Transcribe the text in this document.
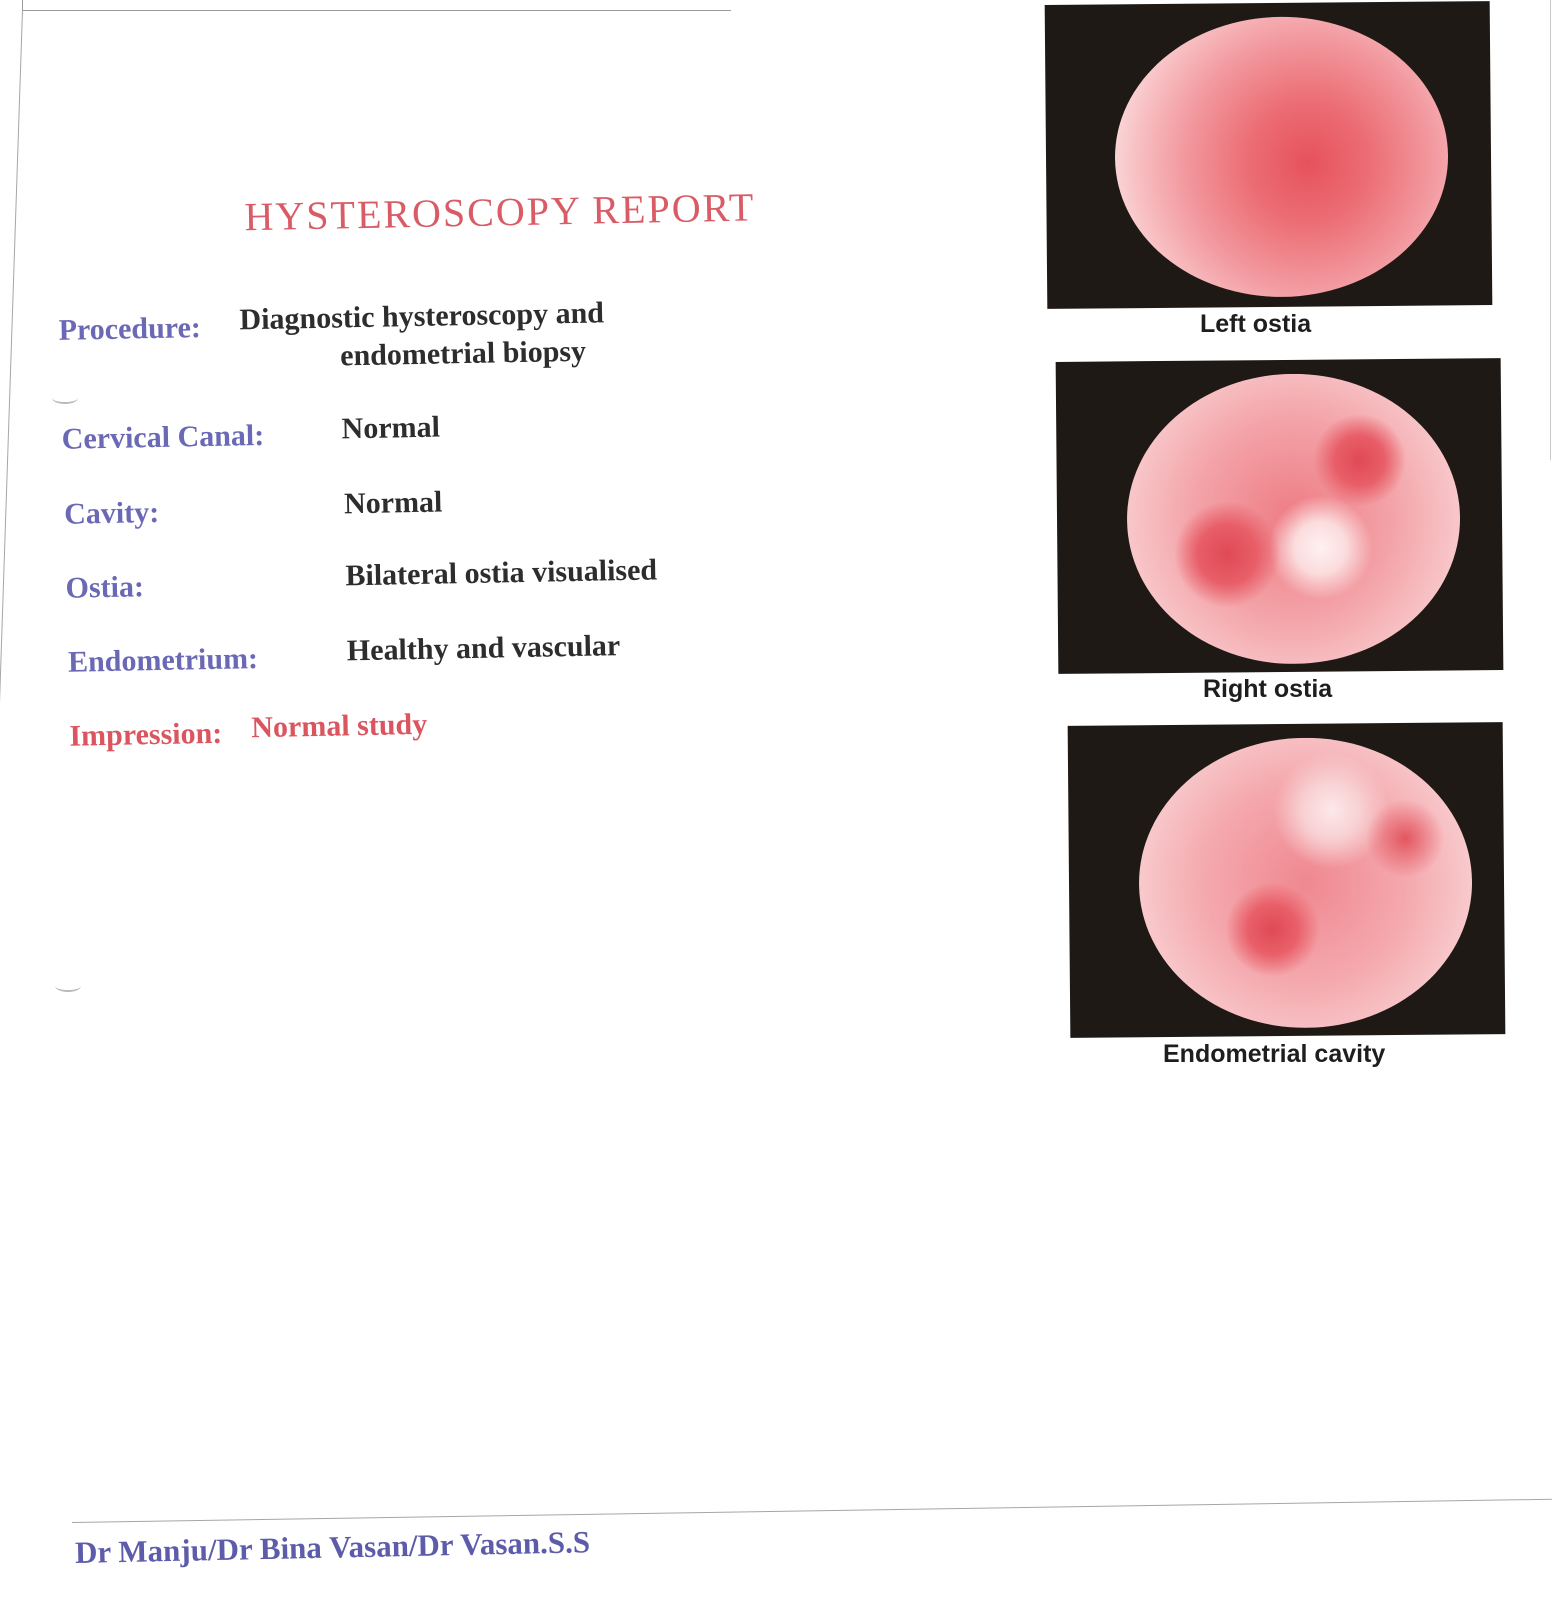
HYSTEROSCOPY REPORT
Procedure: Diagnostic hysteroscopy and
endometrial biopsy
Cervical Canal:	Normal
Cavity:	Normal
Ostia:	Bilateral ostia visualised
Endometrium:	Healthy and vascular
Impression: Normal study
Left ostia
Right ostia
Endometrial cavity
Dr Manju/Dr Bina Vasan/Dr Vasan.S.S
